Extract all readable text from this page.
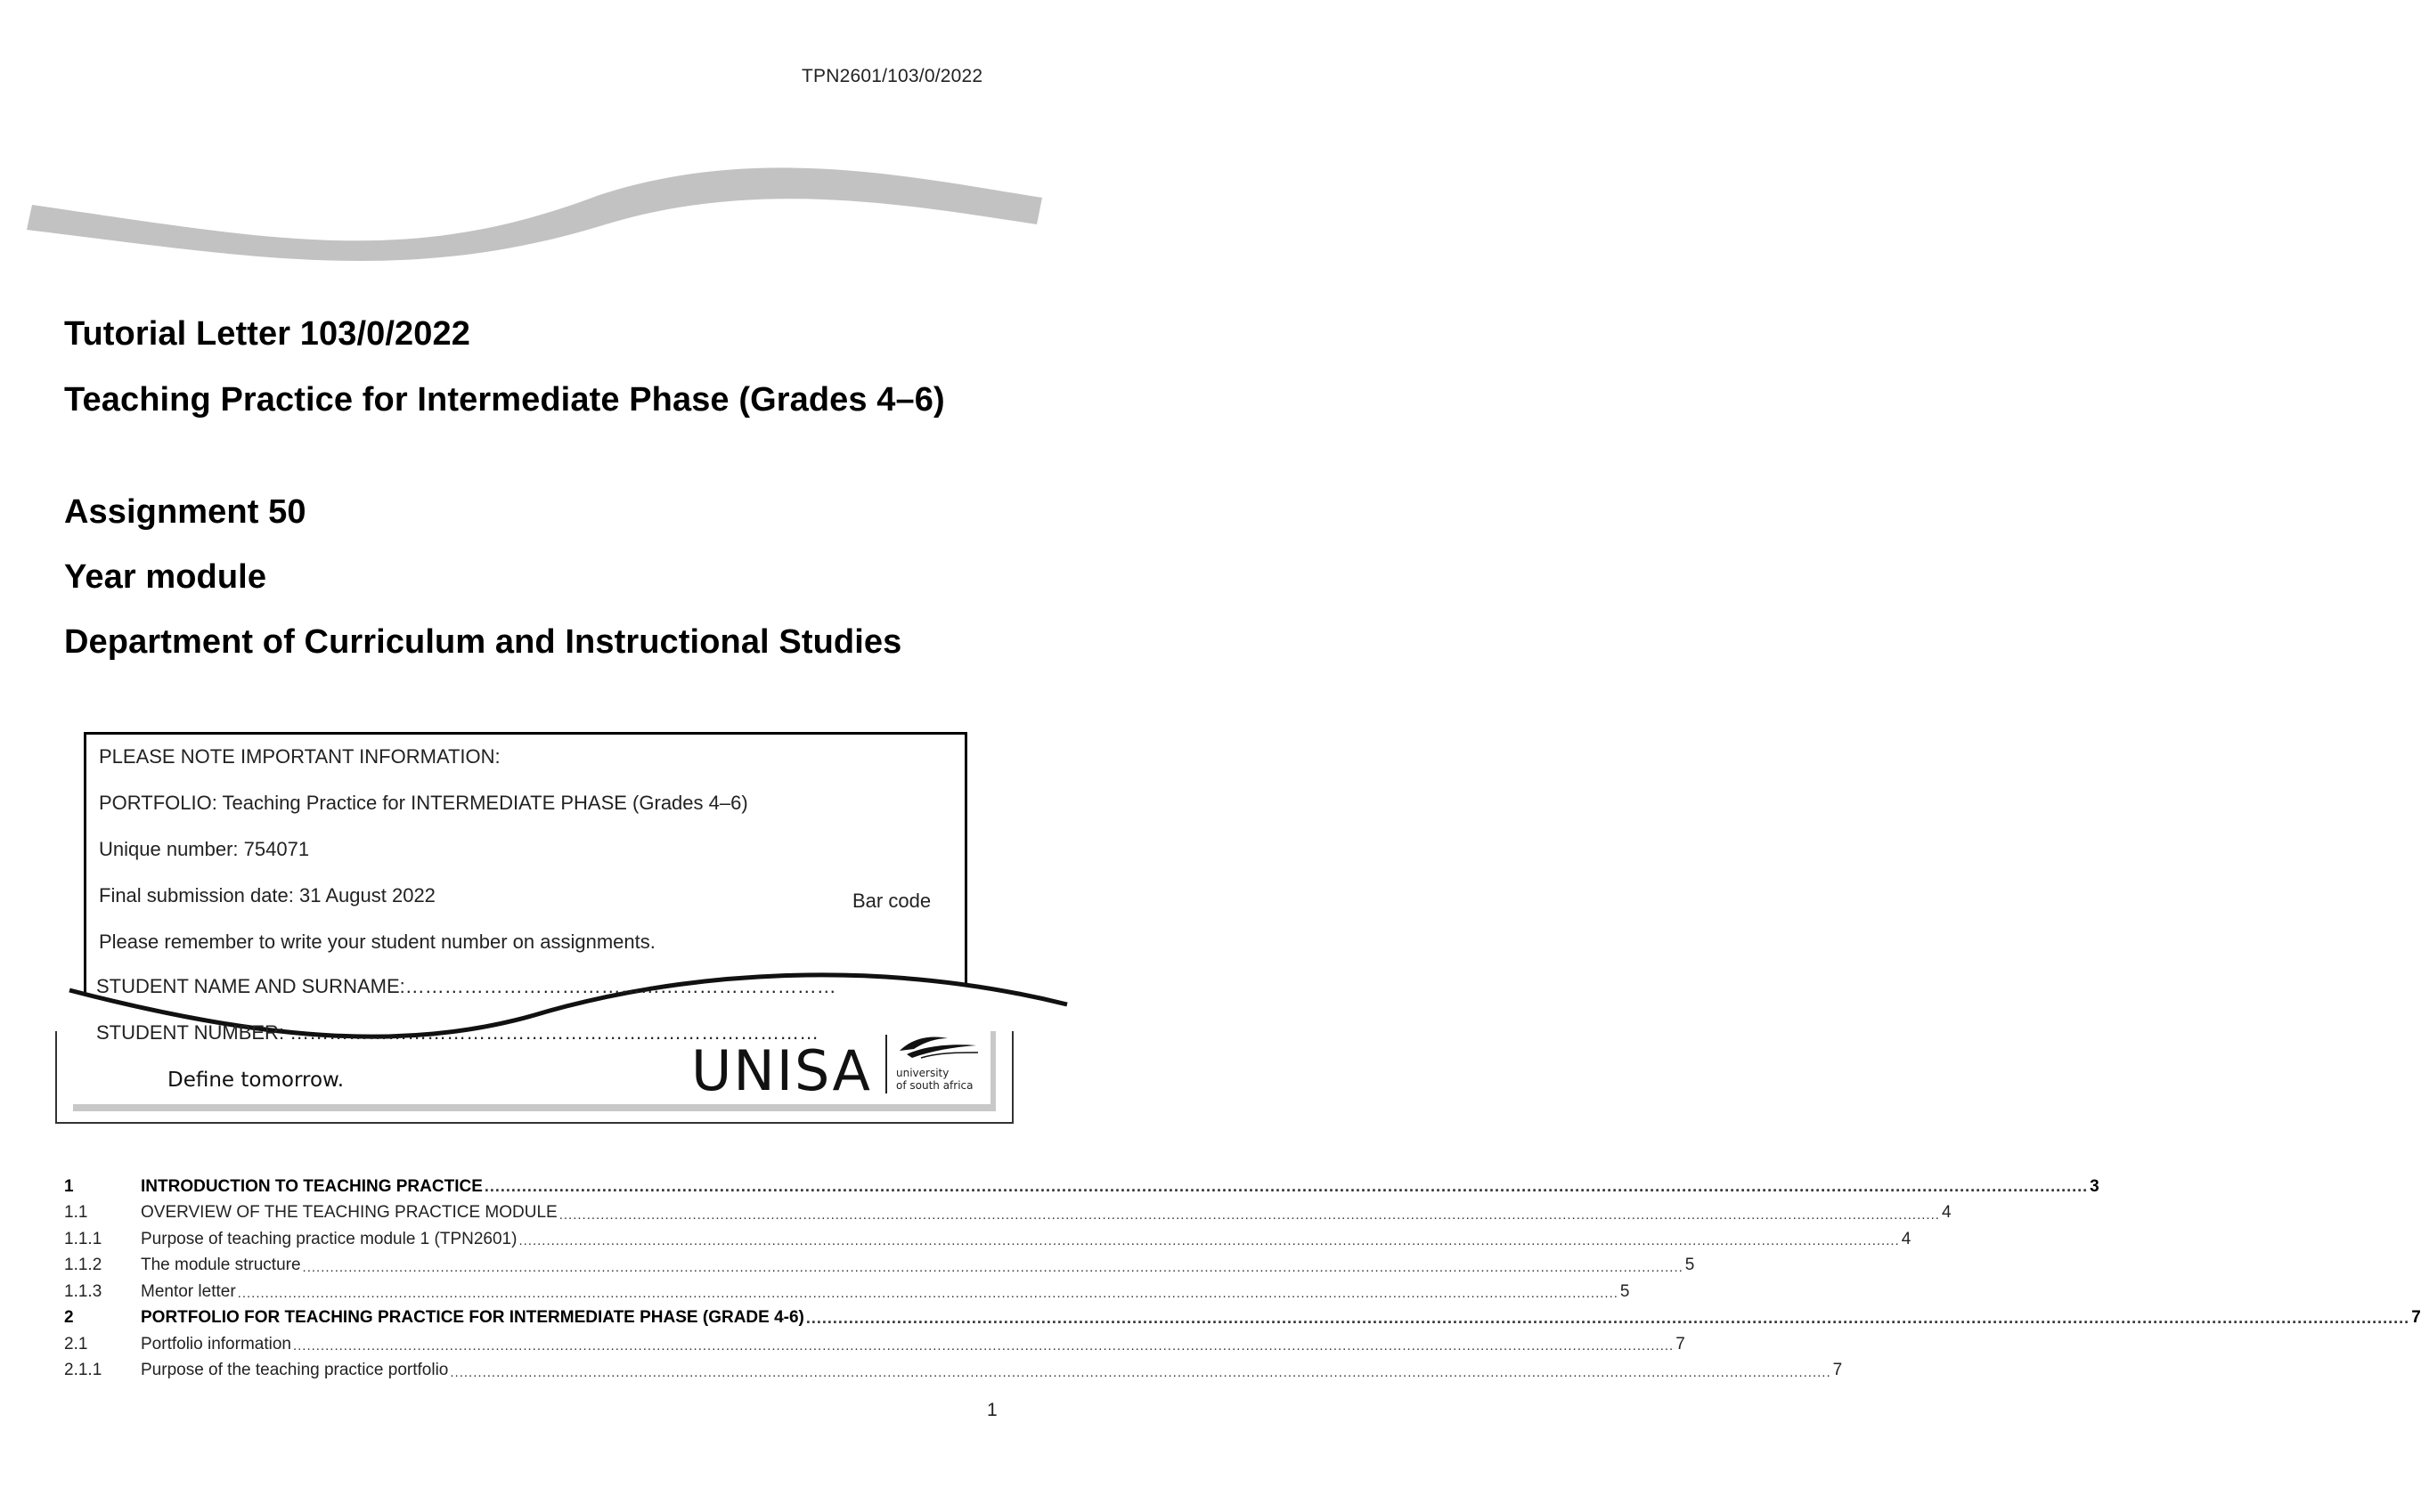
TPN2601/103/0/2022
Tutorial Letter 103/0/2022
Teaching Practice for Intermediate Phase (Grades 4–6)
Assignment 50
Year module
Department of Curriculum and Instructional Studies
PLEASE NOTE IMPORTANT INFORMATION:
PORTFOLIO: Teaching Practice for INTERMEDIATE PHASE (Grades 4–6)
Unique number: 754071
Final submission date: 31 August 2022
Please remember to write your student number on assignments.
Bar code
STUDENT NAME AND SURNAME:…………………………………………………………
STUDENT NUMBER: ………………………………………………………………………
Define tomorrow.	UNISA university
of south africa
1	INTRODUCTION TO TEACHING PRACTICE ............................................................................................................................................................................................................................................................................................................ 3
1.1	OVERVIEW OF THE TEACHING PRACTICE MODULE ............................................................................................................................................................................................................................................................................................................ 4
1.1.1	Purpose of teaching practice module 1 (TPN2601) ............................................................................................................................................................................................................................................................................................................ 4
1.1.2	The module structure ............................................................................................................................................................................................................................................................................................................ 5
1.1.3	Mentor letter ............................................................................................................................................................................................................................................................................................................ 5
2	PORTFOLIO FOR TEACHING PRACTICE FOR INTERMEDIATE PHASE (GRADE 4-6) ............................................................................................................................................................................................................................................................................................................ 7
2.1	Portfolio information ............................................................................................................................................................................................................................................................................................................ 7
2.1.1	Purpose of the teaching practice portfolio ............................................................................................................................................................................................................................................................................................................ 7
1
